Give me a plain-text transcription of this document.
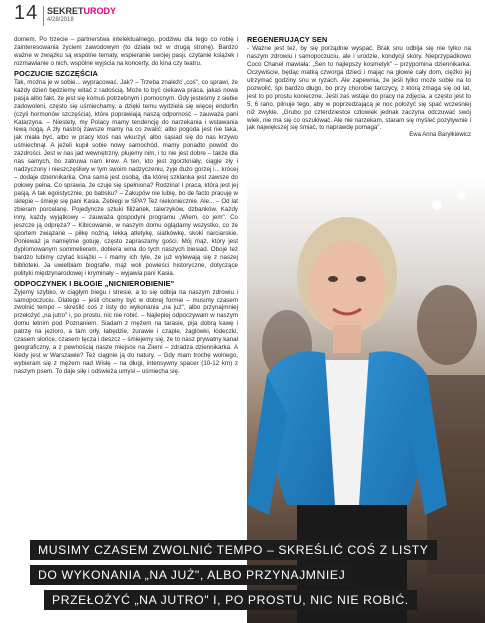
14 SEKRETURODY
4/28/2018

domem. Po trzecie – partnerstwa intelektualnego, podziwu dla tego co robię i zainteresowania życiem zawodowym (to działa też w drugą stronę). Bardzo ważne w związku są wspólne tematy, wspieranie swojej pasji, czytanie książek i rozmawianie o nich, wspólne wyjścia na koncerty, do kina czy teatru.

POCZUCIE SZCZĘŚCIA

Tak, można je w sobie... wypracować. Jak? – Trzeba znaleźć „coś", co sprawi, że każdy dzień będziemy witać z radością. Może to być ciekawa praca, jakaś nowa pasja albo fakt, że jest się komuś potrzebnym i pomocnym. Gdy jesteśmy z siebie zadowoleni, często się uśmiechamy, a dzięki temu wydziela się więcej endorfin (czyli hormonów szczęścia), które poprawiają naszą odporność – zauważa pani Katarzyna. – Niestety, my Polacy mamy tendencję do narzekania i wstawania lewą nogą. A zły nastrój zawsze mamy na co zwalić: albo pogoda jest nie taka, jak miała być, albo w pracy ktoś nas wkurzył, albo sąsiad się do nas krzywo uśmiechnął. A jeżeli kupił sobie nowy samochód, mamy ponadto powód do zazdrości. Jest w nas jad wewnętrzny, plujemy nim, i to nie jest dobre – także dla nas samych, bo zatruwa nam krew. A ten, kto jest zgorzkniały, ciągle zły i nadzyczony i nieszczęśliwy w tym swoim nadzyczeniu, żyje dużo gorzej i... krócej – dodaje dziennikarka. Ona sama jest osobą, dla której szklanka jest zawsze do połowy pełna. Co sprawia, że czuje się spełniona? Rodzina! I praca, która jest jej pasją. A tak egoistycznie, po babsku? – Zakupów nie lubię, bo de facto pracuję w sklepie – śmieje się pani Kasia. Zebiegi w SPA? Też niekoniecznie. Ale... – Od lat zbieram porcelanę. Pojedyncze sztuki filiżanek, talerzyków, dzbanków. Każdy inny, każdy wyjątkowy – zauważa gospodyni programu „Wiem, co jem". Co jeszcze ją odpręża? – Kibicowanie, w naszym domu oglądamy wszystko, co ze sportem związane – piłkę nożną, lekką atletykę, siatkówkę, skoki narciarskie. Ponieważ ja namiętnie gotuję, często zapraszamy gości. Mój mąż, który jest dyplomowanym sommelierem, dobiera wina do tych naszych biesiad. Oboje też bardzo lubimy czytać książki – i mamy ich tyle, że już wylewają się z naszej biblioteki. Ja uwielbiam biografie, mąż woli powieści historyczne, dotyczące polityki międzynarodowej i kryminały – wyjawia pani Kasia.

ODPOCZYNEK I BŁOGIE „NICNIEROBIENIE"

Żyjemy szybko, w ciągłym biegu i stresie, a to się odbija na naszym zdrowiu i samopoczuciu. Dlatego – jeśli chcemy być w dobrej formie – musimy czasem zwolnić tempo – skreślić coś z listy do wykonania „na już", albo przynajmniej przełożyć „na jutro" i, po prostu, nic nie robić. – Najlepiej odpoczywam w naszym domu letnim pod Poznaniem. Siadam z mężem na tarasie, pija dobrą kawę i patrzę na jezioro, a tam orły, łabędzie, żurawie i czaple, żaglówki, łódeczki, czasem słońce, czasem tęcza i deszcz – śmiejemy się, że to nasz prywatny kanał geograficzny, a z pewnością nasze miejsce na Ziemi – zdradza dziennikarka. A kiedy jest w Warszawie? Też ciągnie ją do natury. – Gdy mam trochę wolnego, wybieram się z mężem nad Wisłę – na długi, intensywny spacer (10-12 km) z naszym psem. To daje siłę i odświeża umysł – uśmiecha się.

REGENERUJĄCY SEN

- Ważne jest też, by się porządnie wyspać. Brak snu odbija się nie tylko na naszym zdrowiu i samopoczuciu, ale i urodzie, kondycji skóry. Nieprzypadkowo Coco Chanel mawiała: „Sen to najlepszy kosmetyk" – przypomina dziennikarka. Oczywiście, będąc matką czworga dzieci i mając na głowie cały dom, ciężko jej utrzymać godziny snu w ryzach. Ale zapewnia, że jeśli tylko może sobie na to pozwolić, śpi bardzo długo, bo przy chorobie tarczycy, z którą zmaga się od lat, jest to po prostu konieczne. Jeśli zaś wstaje do pracy na zdjęcia, a często jest to 5, 6 rano, pilnuje tego, aby w poprzedzającą je noc położyć się spać wcześniej niż zwykle. „Grubo po czterdziestce człowiek jednak zaczyna odczuwać swój wiek, nie ma się co oszukiwać. Ale nie narzekam, staram się myśleć pozytywnie i jak największej się śmiać, to naprawdę pomaga".

Ewa Anna Baryłkiewicz

MUSIMY CZASEM ZWOLNIĆ TEMPO – SKREŚLIĆ COŚ Z LISTY
DO WYKONANIA „NA JUŻ", ALBO PRZYNAJMNIEJ
PRZEŁOŻYĆ „NA JUTRO" I, PO PROSTU, NIC NIE ROBIĆ.
